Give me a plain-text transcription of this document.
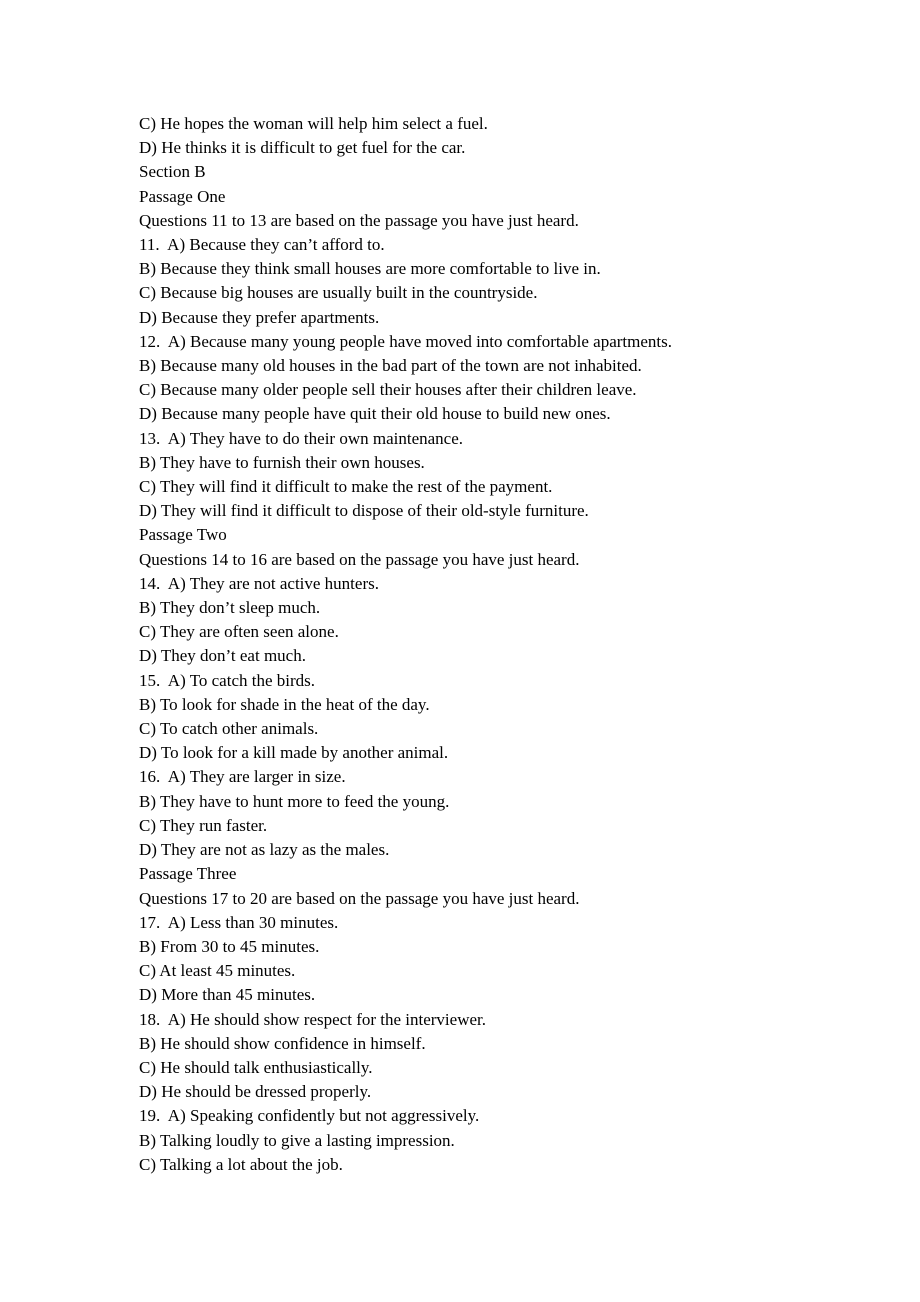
C) He hopes the woman will help him select a fuel.
D) He thinks it is difficult to get fuel for the car.
Section B
Passage One
Questions 11 to 13 are based on the passage you have just heard.
11.  A) Because they can’t afford to.
B) Because they think small houses are more comfortable to live in.
C) Because big houses are usually built in the countryside.
D) Because they prefer apartments.
12.  A) Because many young people have moved into comfortable apartments.
B) Because many old houses in the bad part of the town are not inhabited.
C) Because many older people sell their houses after their children leave.
D) Because many people have quit their old house to build new ones.
13.  A) They have to do their own maintenance.
B) They have to furnish their own houses.
C) They will find it difficult to make the rest of the payment.
D) They will find it difficult to dispose of their old-style furniture.
Passage Two
Questions 14 to 16 are based on the passage you have just heard.
14.  A) They are not active hunters.
B) They don’t sleep much.
C) They are often seen alone.
D) They don’t eat much.
15.  A) To catch the birds.
B) To look for shade in the heat of the day.
C) To catch other animals.
D) To look for a kill made by another animal.
16.  A) They are larger in size.
B) They have to hunt more to feed the young.
C) They run faster.
D) They are not as lazy as the males.
Passage Three
Questions 17 to 20 are based on the passage you have just heard.
17.  A) Less than 30 minutes.
B) From 30 to 45 minutes.
C) At least 45 minutes.
D) More than 45 minutes.
18.  A) He should show respect for the interviewer.
B) He should show confidence in himself.
C) He should talk enthusiastically.
D) He should be dressed properly.
19.  A) Speaking confidently but not aggressively.
B) Talking loudly to give a lasting impression.
C) Talking a lot about the job.
